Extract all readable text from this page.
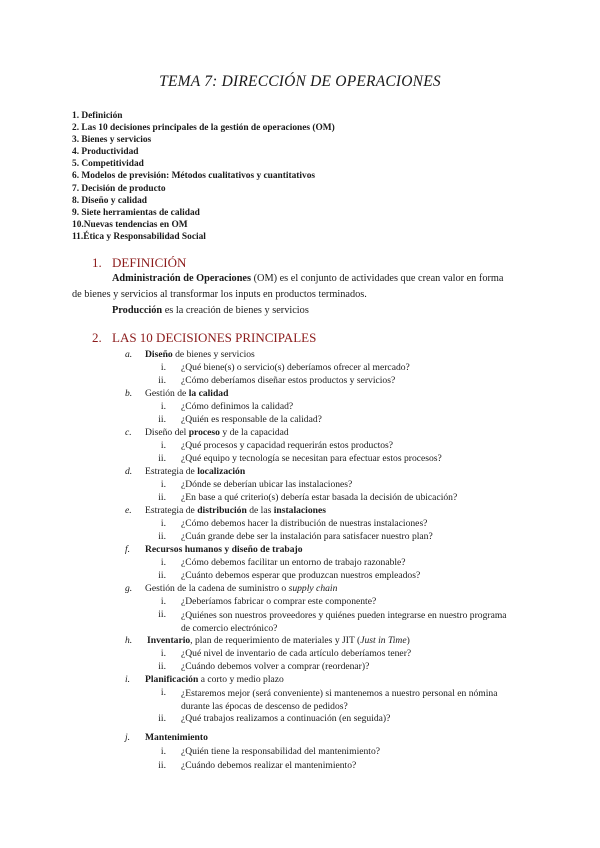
TEMA 7: DIRECCIÓN DE OPERACIONES
1. Definición
2. Las 10 decisiones principales de la gestión de operaciones (OM)
3. Bienes y servicios
4. Productividad
5. Competitividad
6. Modelos de previsión: Métodos cualitativos y cuantitativos
7. Decisión de producto
8. Diseño y calidad
9. Siete herramientas de calidad
10.Nuevas tendencias en OM
11.Ética y Responsabilidad Social
1. DEFINICIÓN

Administración de Operaciones (OM) es el conjunto de actividades que crean valor en forma de bienes y servicios al transformar los inputs en productos terminados.

Producción es la creación de bienes y servicios

2. LAS 10 DECISIONES PRINCIPALES
a. Diseño de bienes y servicios
i. ¿Qué biene(s) o servicio(s) deberíamos ofrecer al mercado?
ii. ¿Cómo deberíamos diseñar estos productos y servicios?
b. Gestión de la calidad
i. ¿Cómo definimos la calidad?
ii. ¿Quién es responsable de la calidad?
c. Diseño del proceso y de la capacidad
i. ¿Qué procesos y capacidad requerirán estos productos?
ii. ¿Qué equipo y tecnología se necesitan para efectuar estos procesos?
d. Estrategia de localización
i. ¿Dónde se deberían ubicar las instalaciones?
ii. ¿En base a qué criterio(s) debería estar basada la decisión de ubicación?
e. Estrategia de distribución de las instalaciones
i. ¿Cómo debemos hacer la distribución de nuestras instalaciones?
ii. ¿Cuán grande debe ser la instalación para satisfacer nuestro plan?
f. Recursos humanos y diseño de trabajo
i. ¿Cómo debemos facilitar un entorno de trabajo razonable?
ii. ¿Cuánto debemos esperar que produzcan nuestros empleados?
g. Gestión de la cadena de suministro o supply chain
i. ¿Deberíamos fabricar o comprar este componente?
ii. ¿Quiénes son nuestros proveedores y quiénes pueden integrarse en nuestro programa de comercio electrónico?
h. Inventario, plan de requerimiento de materiales y JIT (Just in Time)
i. ¿Qué nivel de inventario de cada artículo deberíamos tener?
ii. ¿Cuándo debemos volver a comprar (reordenar)?
i. Planificación a corto y medio plazo
i. ¿Estaremos mejor (será conveniente) si mantenemos a nuestro personal en nómina durante las épocas de descenso de pedidos?
ii. ¿Qué trabajos realizamos a continuación (en seguida)?
j. Mantenimiento
i. ¿Quién tiene la responsabilidad del mantenimiento?
ii. ¿Cuándo debemos realizar el mantenimiento?
